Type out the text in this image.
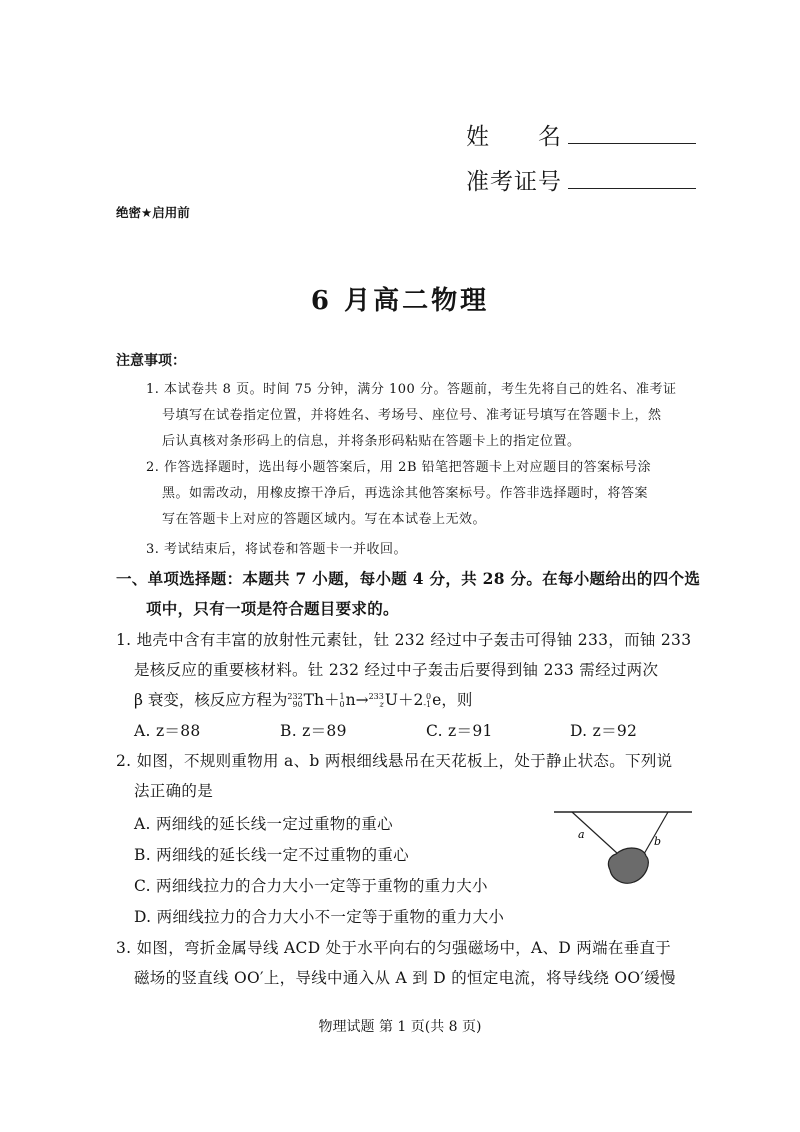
姓　　名
准考证号
绝密★启用前
6 月高二物理
注意事项：
1. 本试卷共 8 页。时间 75 分钟，满分 100 分。答题前，考生先将自己的姓名、准考证
号填写在试卷指定位置，并将姓名、考场号、座位号、准考证号填写在答题卡上，然
后认真核对条形码上的信息，并将条形码粘贴在答题卡上的指定位置。
2. 作答选择题时，选出每小题答案后，用 2B 铅笔把答题卡上对应题目的答案标号涂
黑。如需改动，用橡皮擦干净后，再选涂其他答案标号。作答非选择题时，将答案
写在答题卡上对应的答题区域内。写在本试卷上无效。
3. 考试结束后，将试卷和答题卡一并收回。
一、单项选择题：本题共 7 小题，每小题 4 分，共 28 分。在每小题给出的四个选
项中，只有一项是符合题目要求的。
1. 地壳中含有丰富的放射性元素钍，钍 232 经过中子轰击可得铀 233，而铀 233
是核反应的重要核材料。钍 232 经过中子轰击后要得到铀 233 需经过两次
β 衰变，核反应方程为232
90Th＋1
0n→233
zU＋2 0
-1e，则
A. z＝88	B. z＝89	C. z＝91	D. z＝92
2. 如图，不规则重物用 a、b 两根细线悬吊在天花板上，处于静止状态。下列说
法正确的是
A. 两细线的延长线一定过重物的重心
B. 两细线的延长线一定不过重物的重心
C. 两细线拉力的合力大小一定等于重物的重力大小
D. 两细线拉力的合力大小不一定等于重物的重力大小
a
b
3. 如图，弯折金属导线 ACD 处于水平向右的匀强磁场中，A、D 两端在垂直于
磁场的竖直线 OO′上，导线中通入从 A 到 D 的恒定电流，将导线绕 OO′缓慢
物理试题 第 1 页(共 8 页)
